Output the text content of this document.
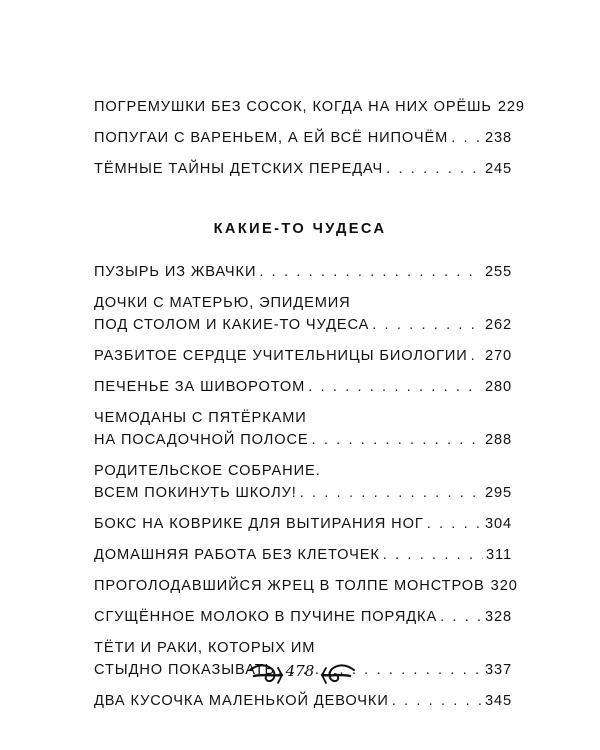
ПОГРЕМУШКИ БЕЗ СОСОК, КОГДА НА НИХ ОРЁШЬ 229
ПОПУГАИ С ВАРЕНЬЕМ, А ЕЙ ВСЁ НИПОЧЁМ . . .	238
ТЁМНЫЕ ТАЙНЫ ДЕТСКИХ ПЕРЕДАЧ . . .	245
КАКИЕ-ТО ЧУДЕСА
ПУЗЫРЬ ИЗ ЖВАЧКИ . . .	255
ДОЧКИ С МАТЕРЬЮ, ЭПИДЕМИЯ
ПОД СТОЛОМ И КАКИЕ-ТО ЧУДЕСА . . .	262
РАЗБИТОЕ СЕРДЦЕ УЧИТЕЛЬНИЦЫ БИОЛОГИИ . . . 270
ПЕЧЕНЬЕ ЗА ШИВОРОТОМ . . .	280
ЧЕМОДАНЫ С ПЯТЁРКАМИ
НА ПОСАДОЧНОЙ ПОЛОСЕ . . .	288
РОДИТЕЛЬСКОЕ СОБРАНИЕ.
ВСЕМ ПОКИНУТЬ ШКОЛУ! . . .	295
БОКС НА КОВРИКЕ ДЛЯ ВЫТИРАНИЯ НОГ . . .	304
ДОМАШНЯЯ РАБОТА БЕЗ КЛЕТОЧЕК . . .	311
ПРОГОЛОДАВШИЙСЯ ЖРЕЦ В ТОЛПЕ МОНСТРОВ 320
СГУЩЁННОЕ МОЛОКО В ПУЧИНЕ ПОРЯДКА . . .	328
ТЁТИ И РАКИ, КОТОРЫХ ИМ
СТЫДНО ПОКАЗЫВАТЬ . . .	337
ДВА КУСОЧКА МАЛЕНЬКОЙ ДЕВОЧКИ . . .	345
478
